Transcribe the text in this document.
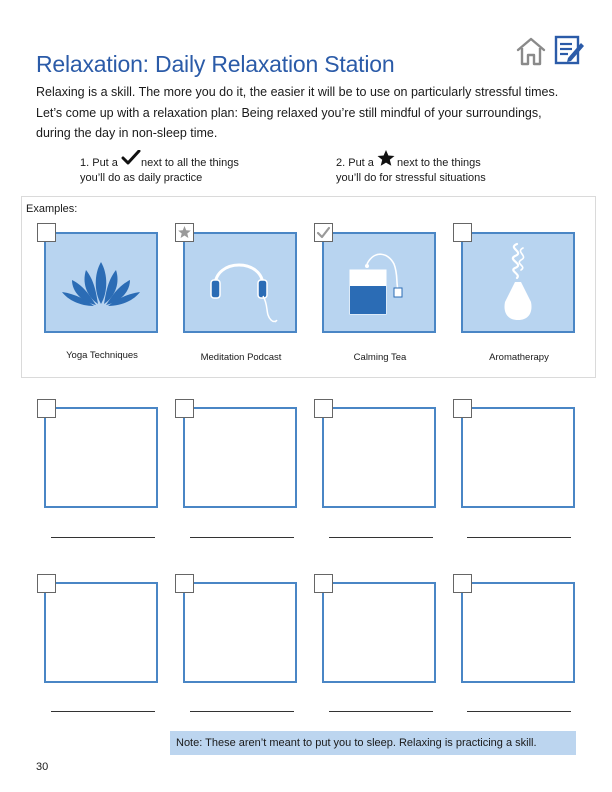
Relaxation: Daily Relaxation Station

Relaxing is a skill. The more you do it, the easier it will be to use on particularly stressful times. Let’s come up with a relaxation plan: Being relaxed you’re still mindful of your surroundings, during the day in non-sleep time.

1. Put a next to all the things
you’ll do as daily practice
2. Put a next to the things
you’ll do for stressful situations
Examples:
Yoga Techniques	Meditation Podcast	Calming Tea	Aromatherapy
Note: These aren’t meant to put you to sleep. Relaxing is practicing a skill.
30
